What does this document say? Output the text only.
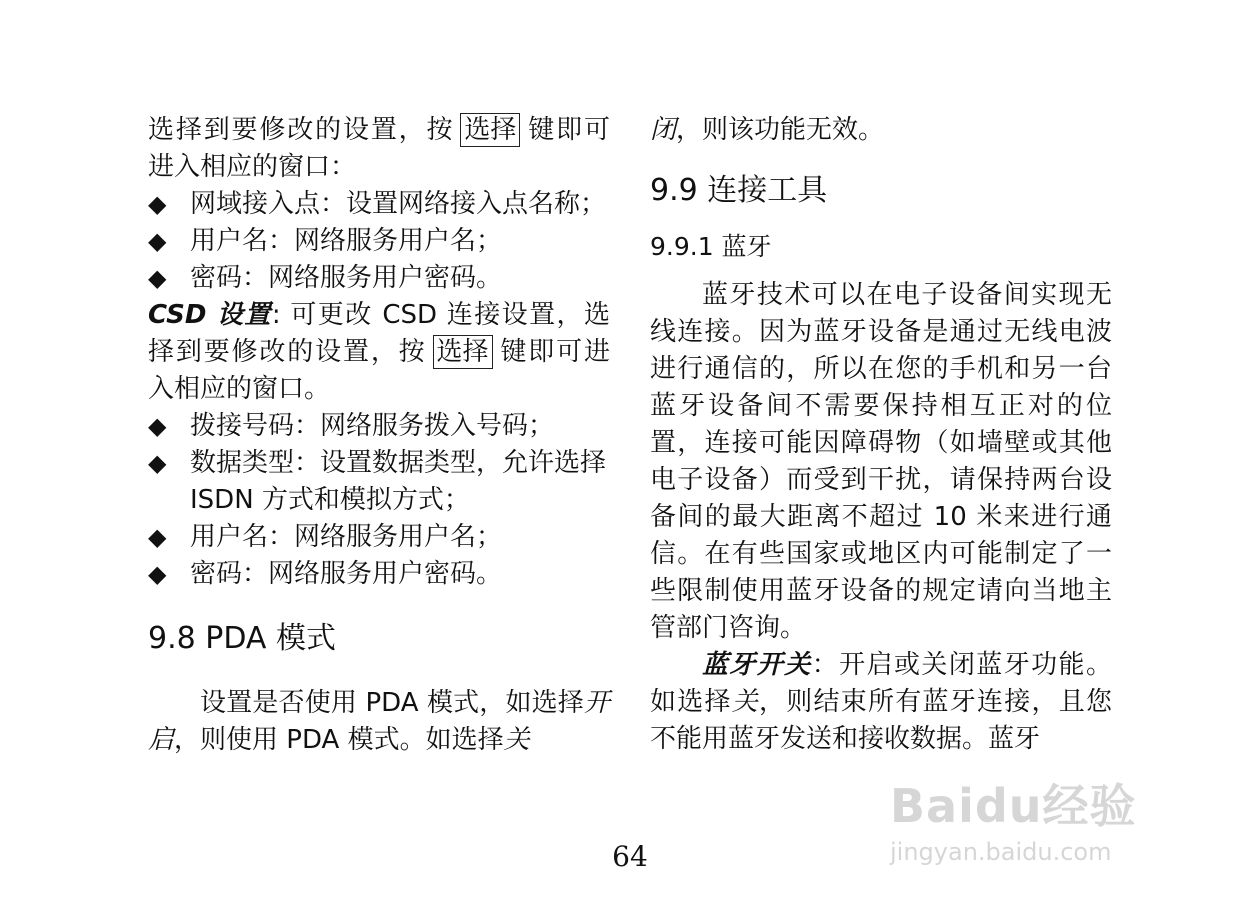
选择到要修改的设置，按 选择 键即可进入相应的窗口：

◆ 网域接入点：设置网络接入点名称；

◆ 用户名：网络服务用户名；

◆ 密码：网络服务用户密码。

CSD 设置: 可更改 CSD 连接设置，选择到要修改的设置，按 选择 键即可进入相应的窗口。

◆ 拨接号码：网络服务拨入号码；

◆ 数据类型：设置数据类型，允许选择 ISDN 方式和模拟方式；

◆ 用户名：网络服务用户名；

◆ 密码：网络服务用户密码。

9.8 PDA 模式

设置是否使用 PDA 模式，如选择开启，则使用 PDA 模式。如选择关

闭，则该功能无效。

9.9 连接工具
9.9.1 蓝牙

蓝牙技术可以在电子设备间实现无线连接。因为蓝牙设备是通过无线电波进行通信的，所以在您的手机和另一台蓝牙设备间不需要保持相互正对的位置，连接可能因障碍物（如墙壁或其他电子设备）而受到干扰，请保持两台设备间的最大距离不超过 10 米来进行通信。在有些国家或地区内可能制定了一些限制使用蓝牙设备的规定请向当地主管部门咨询。

蓝牙开关：开启或关闭蓝牙功能。如选择关，则结束所有蓝牙连接，且您不能用蓝牙发送和接收数据。蓝牙

64
Baidu经验
jingyan.baidu.com
